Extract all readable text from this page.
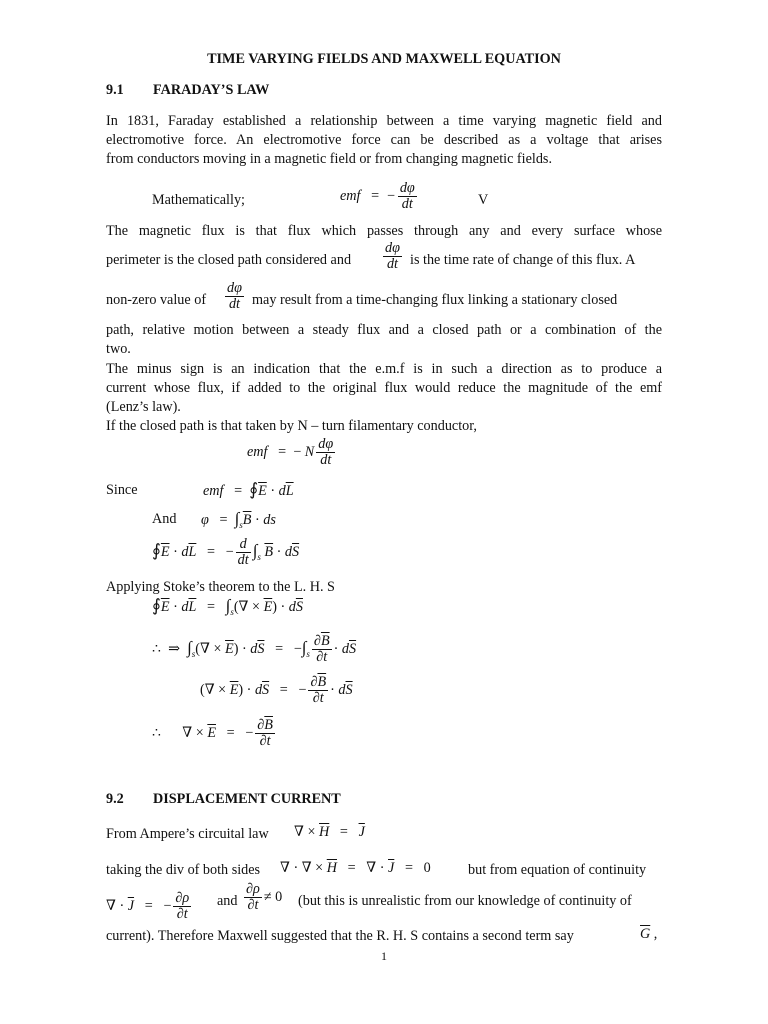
TIME VARYING FIELDS AND MAXWELL EQUATION
9.1 FARADAY’S LAW
In 1831, Faraday established a relationship between a time varying magnetic field and
electromotive force. An electromotive force can be described as a voltage that arises
from conductors moving in a magnetic field or from changing magnetic fields.
Mathematically;	emf   =  − $\frac{d\varphi}{dt}$	V
The magnetic flux is that flux which passes through any and every surface whose
perimeter is the closed path considered and $\frac{d\varphi}{dt}$ is the time rate of change of this flux. A
non-zero value of $\frac{d\varphi}{dt}$ may result from a time-changing flux linking a stationary closed
path, relative motion between a steady flux and a closed path or a combination of the
two.
The minus sign is an indication that the e.m.f is in such a direction as to produce a
current whose flux, if added to the original flux would reduce the magnitude of the emf
(Lenz’s law).
If the closed path is that taken by N – turn filamentary conductor,
emf   =  − N $\frac{d\varphi}{dt}$
Since	emf   =  $∮\overline{E} \cdot d\overline{L}$
And $\varphi = \int_s\overline{B}$ · ds
$∮\overline{E} \cdot d\overline{L}$   =   − $\frac{d}{dt} \int_s$ $\overline{B} \cdot d\overline{S}$
Applying Stoke’s theorem to the L. H. S
$∮\overline{E} \cdot d\overline{L} = \int_s(\nabla \times \overline{E}) \cdot d\overline{S}$
∴  ⇒  $\int_s(\nabla \times \overline{E}) \cdot d\overline{S} = -\int_s \frac{\partial\overline{B}}{\partial t} \cdot d\overline{S}$
(∇ × $\overline{E}) \cdot d\overline{S}$   =   − $\frac{\partial\overline{B}}{\partial t} \cdot d\overline{S}$
∴      ∇ × $\overline{E}$   =   − $\frac{\partial\overline{B}}{\partial t}$
9.2 DISPLACEMENT CURRENT
From Ampere’s circuital law ∇ × $\overline{H} = \overline{J}$
taking the div of both sides ∇ · ∇ × $\overline{H}$   =   ∇ · $\overline{J} = 0$	but from equation of continuity
∇ · $\overline{J}$   =   − $\frac{\partial\rho}{\partial t}$ and $\frac{\partial\rho}{\partial t} \ne 0$ (but this is unrealistic from our knowledge of continuity of
current). Therefore Maxwell suggested that the R. H. S contains a second term say	$\overline{G}$ ,
1
